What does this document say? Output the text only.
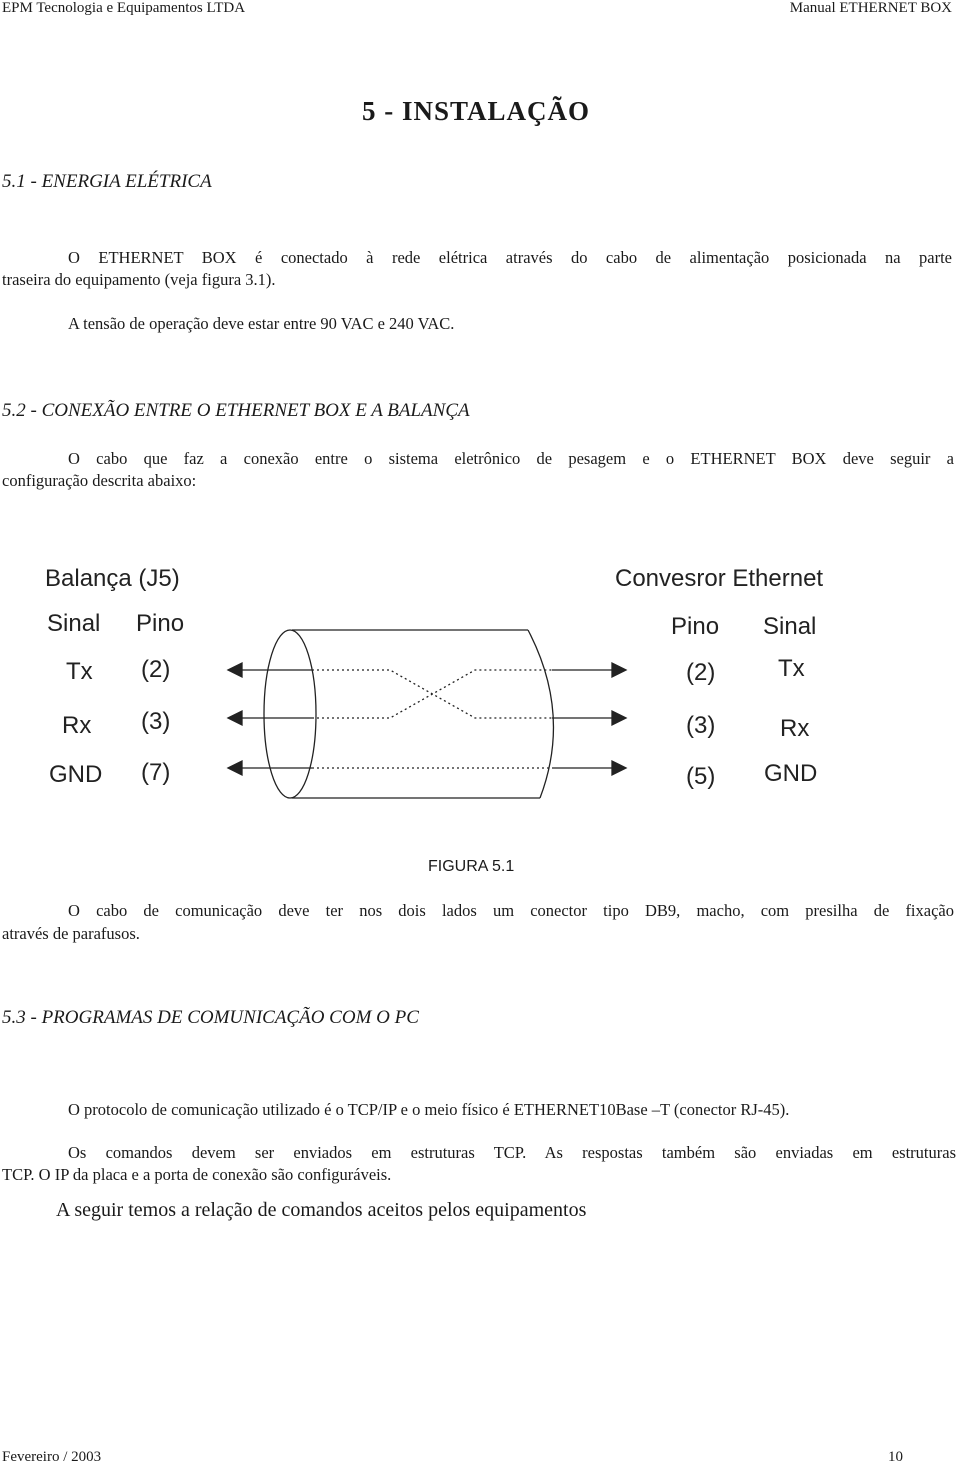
EPM Tecnologia e Equipamentos LTDA	Manual ETHERNET BOX
5 - INSTALAÇÃO
5.1 - ENERGIA ELÉTRICA
O ETHERNET BOX é conectado à rede elétrica através do cabo de alimentação posicionada na parte
traseira do equipamento (veja figura 3.1).
A tensão de operação deve estar entre 90 VAC e 240 VAC.
5.2 - CONEXÃO ENTRE O ETHERNET BOX E A BALANÇA
O cabo que faz a conexão entre o sistema eletrônico de pesagem e o ETHERNET BOX deve seguir a
configuração descrita abaixo:
Balança (J5)	Convesror Ethernet
Sinal Pino	Pino Sinal
Tx (2)
Rx (3)
GND (7)
(2)	Tx
(3)	Rx
(5) GND
FIGURA 5.1
O cabo de comunicação deve ter nos dois lados um conector tipo DB9, macho, com presilha de fixação
através de parafusos.
5.3 - PROGRAMAS DE COMUNICAÇÃO COM O PC
O protocolo de comunicação utilizado é o TCP/IP e o meio físico é ETHERNET10Base –T (conector RJ-45).
Os comandos devem ser enviados em estruturas TCP. As respostas também são enviadas em estruturas
TCP. O IP da placa e a porta de conexão são configuráveis.
A seguir temos a relação de comandos aceitos pelos equipamentos
Fevereiro / 2003	10
